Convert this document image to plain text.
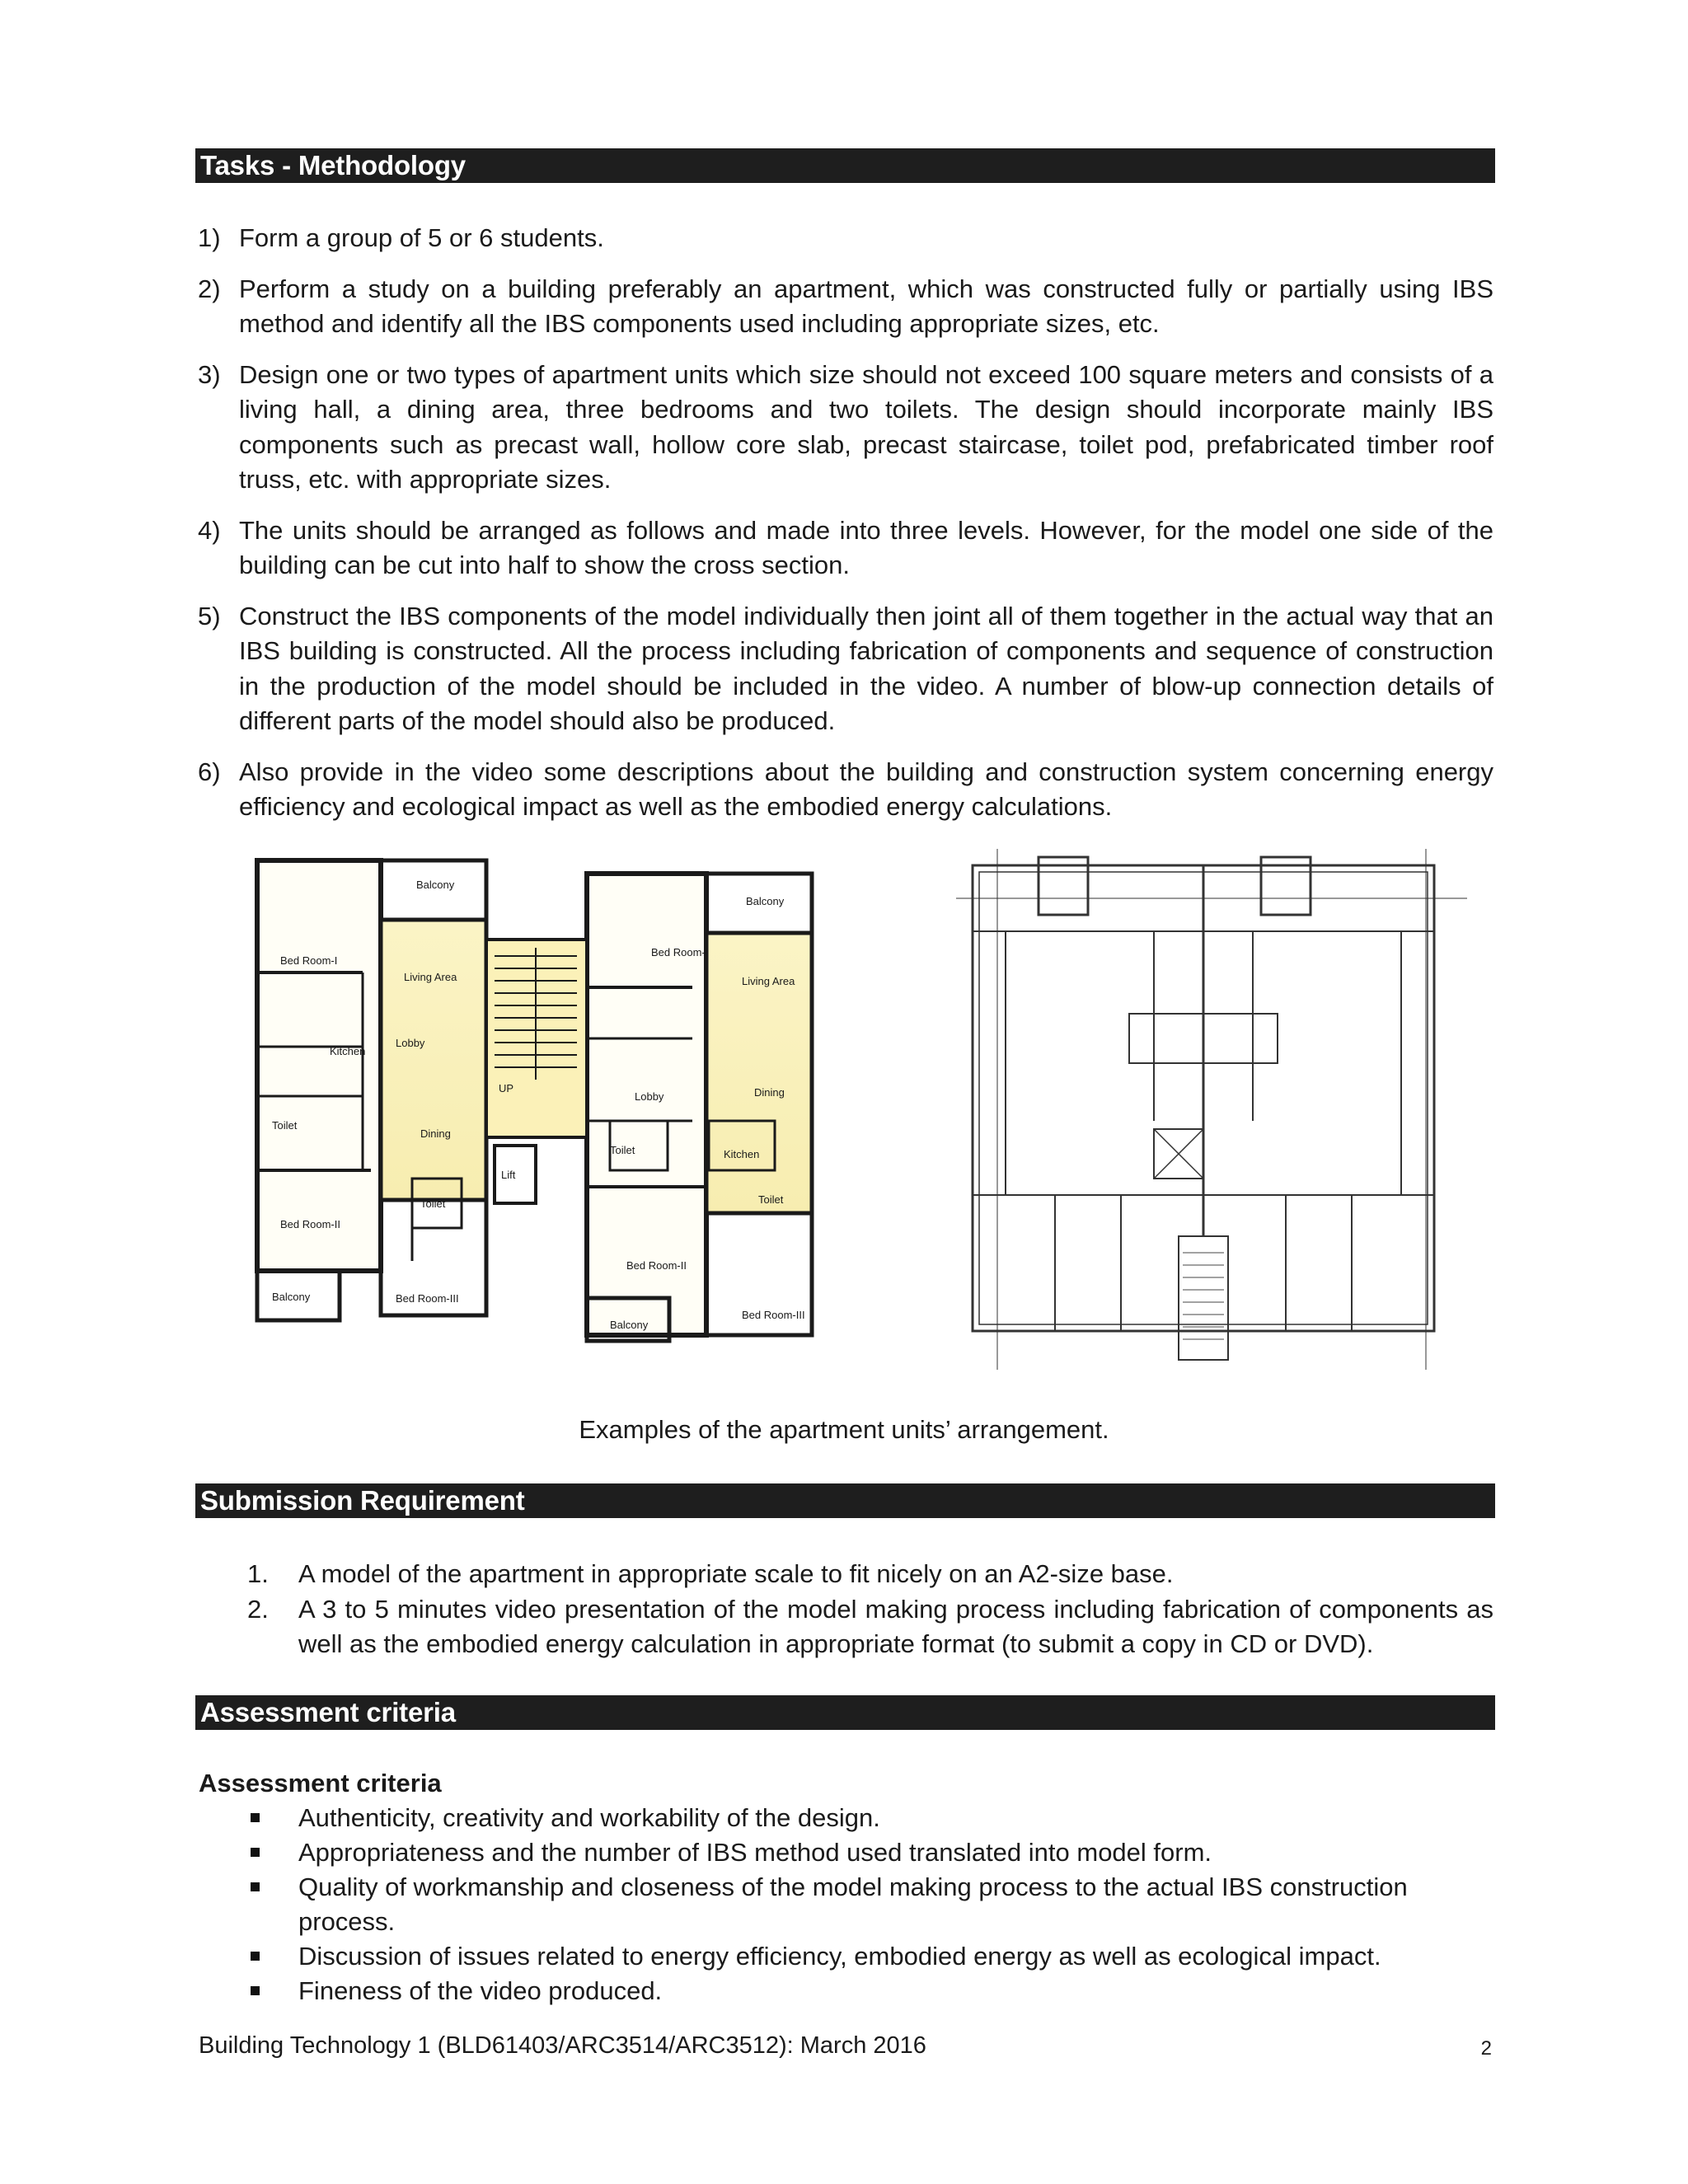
Tasks - Methodology
1) Form a group of 5 or 6 students.
2) Perform a study on a building preferably an apartment, which was constructed fully or partially using IBS method and identify all the IBS components used including appropriate sizes, etc.
3) Design one or two types of apartment units which size should not exceed 100 square meters and consists of a living hall, a dining area, three bedrooms and two toilets. The design should incorporate mainly IBS components such as precast wall, hollow core slab, precast staircase, toilet pod, prefabricated timber roof truss, etc. with appropriate sizes.
4) The units should be arranged as follows and made into three levels. However, for the model one side of the building can be cut into half to show the cross section.
5) Construct the IBS components of the model individually then joint all of them together in the actual way that an IBS building is constructed. All the process including fabrication of components and sequence of construction in the production of the model should be included in the video. A number of blow-up connection details of different parts of the model should also be produced.
6) Also provide in the video some descriptions about the building and construction system concerning energy efficiency and ecological impact as well as the embodied energy calculations.
Balcony
Bed Room-I
Living Area
Lobby
Kitchen
Toilet
Dining
Toilet
Bed Room-II
Bed Room-III
Balcony
UP
Lift
Balcony
Bed Room-I
Living Area
Lobby	Dining
Toilet	Kitchen
Toilet
Bed Room-II
Bed Room-III
Balcony
Examples of the apartment units’ arrangement.
Submission Requirement
1. A model of the apartment in appropriate scale to fit nicely on an A2-size base.
2. A 3 to 5 minutes video presentation of the model making process including fabrication of components as well as the embodied energy calculation in appropriate format (to submit a copy in CD or DVD).
Assessment criteria
Assessment criteria
Authenticity, creativity and workability of the design.
Appropriateness and the number of IBS method used translated into model form.
Quality of workmanship and closeness of the model making process to the actual IBS construction process.
Discussion of issues related to energy efficiency, embodied energy as well as ecological impact.
Fineness of the video produced.
Building Technology 1 (BLD61403/ARC3514/ARC3512): March 2016	2
